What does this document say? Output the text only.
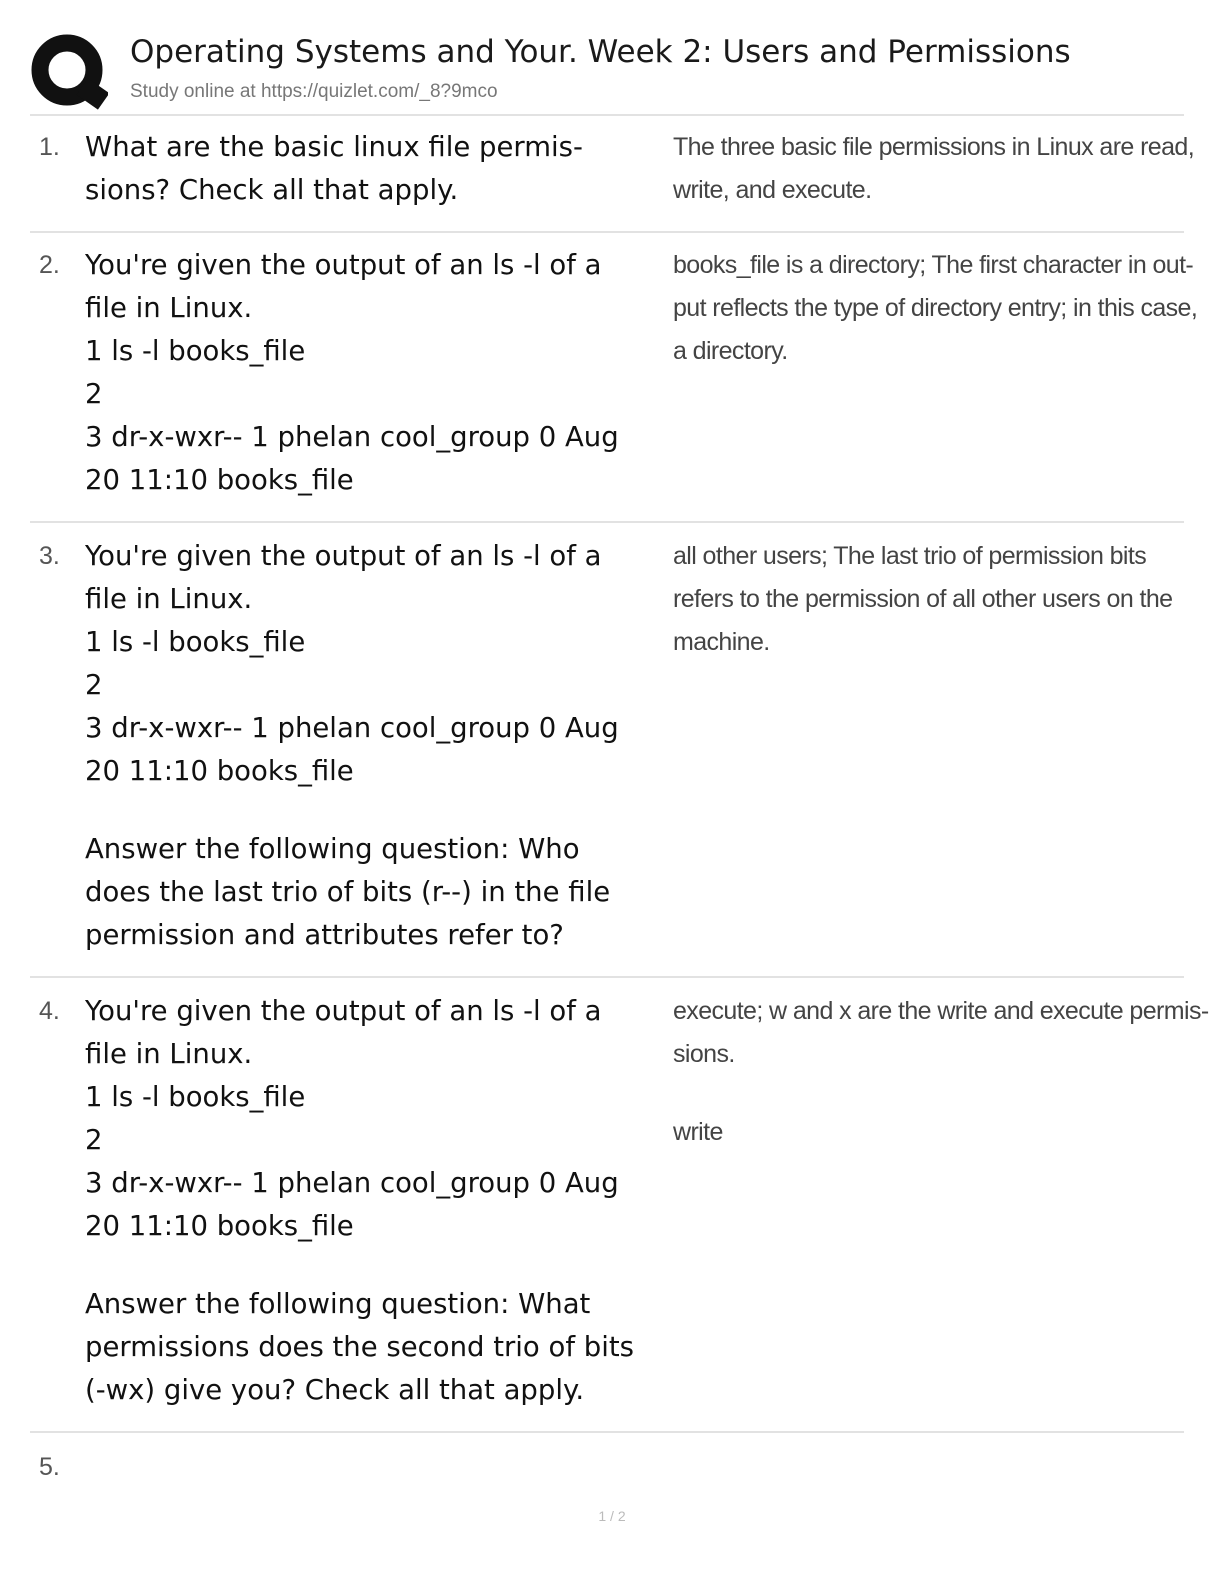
Operating Systems and Your. Week 2: Users and Permissions
Study online at https://quizlet.com/_8?9mco
1. What are the basic linux file permis-

sions? Check all that apply.

The three basic file permissions in Linux are read,

write, and execute.

2. You're given the output of an ls -l of a

file in Linux.

1 ls -l books_file

2

3 dr-x-wxr-- 1 phelan cool_group 0 Aug

20 11:10 books_file

books_file is a directory; The first character in out-

put reflects the type of directory entry; in this case,

a directory.

3. You're given the output of an ls -l of a

file in Linux.

1 ls -l books_file

2

3 dr-x-wxr-- 1 phelan cool_group 0 Aug

20 11:10 books_file

Answer the following question: Who

does the last trio of bits (r--) in the file

permission and attributes refer to?

all other users; The last trio of permission bits

refers to the permission of all other users on the

machine.

4. You're given the output of an ls -l of a

file in Linux.

1 ls -l books_file

2

3 dr-x-wxr-- 1 phelan cool_group 0 Aug

20 11:10 books_file

Answer the following question: What

permissions does the second trio of bits

(-wx) give you? Check all that apply.

execute; w and x are the write and execute permis-

sions.

write

5.
1 / 2
